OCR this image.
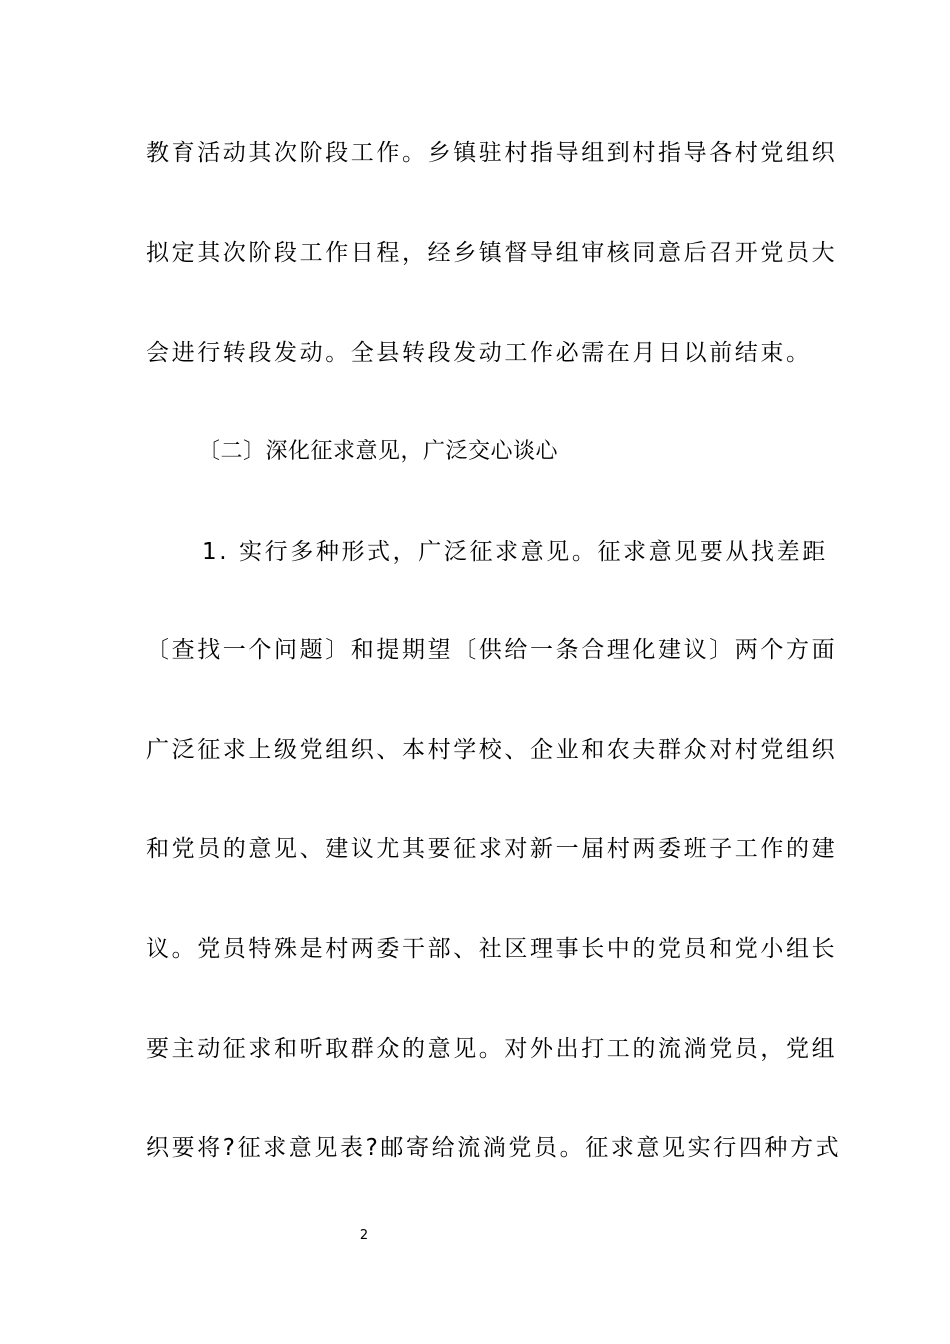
教育活动其次阶段工作。乡镇驻村指导组到村指导各村党组织
拟定其次阶段工作日程，经乡镇督导组审核同意后召开党员大
会进行转段发动。全县转段发动工作必需在月日以前结束。
〔二〕深化征求意见，广泛交心谈心
1. 实行多种形式，广泛征求意见。征求意见要从找差距
〔查找一个问题〕和提期望〔供给一条合理化建议〕两个方面
广泛征求上级党组织、本村学校、企业和农夫群众对村党组织
和党员的意见、建议尤其要征求对新一届村两委班子工作的建
议。党员特殊是村两委干部、社区理事长中的党员和党小组长
要主动征求和听取群众的意见。对外出打工的流淌党员，党组
织要将?征求意见表?邮寄给流淌党员。征求意见实行四种方式
2
